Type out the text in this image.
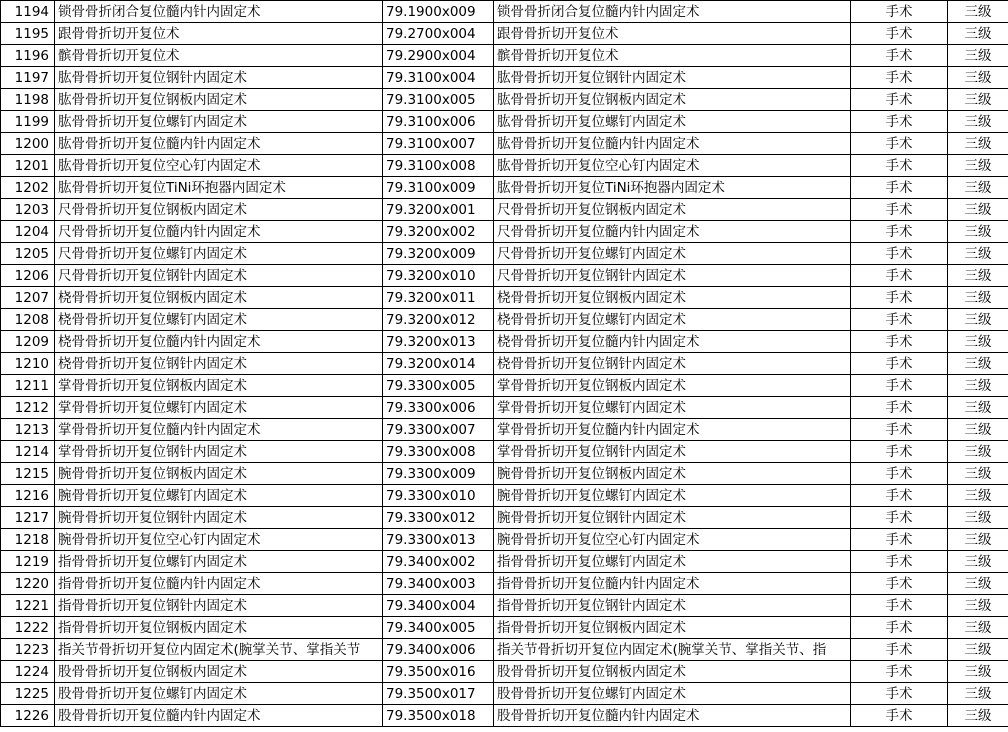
1194	锁骨骨折闭合复位髓内针内固定术	79.1900x009	锁骨骨折闭合复位髓内针内固定术	手术	三级
1195	跟骨骨折切开复位术	79.2700x004	跟骨骨折切开复位术	手术	三级
1196	髌骨骨折切开复位术	79.2900x004	髌骨骨折切开复位术	手术	三级
1197	肱骨骨折切开复位钢针内固定术	79.3100x004	肱骨骨折切开复位钢针内固定术	手术	三级
1198	肱骨骨折切开复位钢板内固定术	79.3100x005	肱骨骨折切开复位钢板内固定术	手术	三级
1199	肱骨骨折切开复位螺钉内固定术	79.3100x006	肱骨骨折切开复位螺钉内固定术	手术	三级
1200	肱骨骨折切开复位髓内针内固定术	79.3100x007	肱骨骨折切开复位髓内针内固定术	手术	三级
1201	肱骨骨折切开复位空心钉内固定术	79.3100x008	肱骨骨折切开复位空心钉内固定术	手术	三级
1202	肱骨骨折切开复位TiNi环抱器内固定术	79.3100x009	肱骨骨折切开复位TiNi环抱器内固定术	手术	三级
1203	尺骨骨折切开复位钢板内固定术	79.3200x001	尺骨骨折切开复位钢板内固定术	手术	三级
1204	尺骨骨折切开复位髓内针内固定术	79.3200x002	尺骨骨折切开复位髓内针内固定术	手术	三级
1205	尺骨骨折切开复位螺钉内固定术	79.3200x009	尺骨骨折切开复位螺钉内固定术	手术	三级
1206	尺骨骨折切开复位钢针内固定术	79.3200x010	尺骨骨折切开复位钢针内固定术	手术	三级
1207	桡骨骨折切开复位钢板内固定术	79.3200x011	桡骨骨折切开复位钢板内固定术	手术	三级
1208	桡骨骨折切开复位螺钉内固定术	79.3200x012	桡骨骨折切开复位螺钉内固定术	手术	三级
1209	桡骨骨折切开复位髓内针内固定术	79.3200x013	桡骨骨折切开复位髓内针内固定术	手术	三级
1210	桡骨骨折切开复位钢针内固定术	79.3200x014	桡骨骨折切开复位钢针内固定术	手术	三级
1211	掌骨骨折切开复位钢板内固定术	79.3300x005	掌骨骨折切开复位钢板内固定术	手术	三级
1212	掌骨骨折切开复位螺钉内固定术	79.3300x006	掌骨骨折切开复位螺钉内固定术	手术	三级
1213	掌骨骨折切开复位髓内针内固定术	79.3300x007	掌骨骨折切开复位髓内针内固定术	手术	三级
1214	掌骨骨折切开复位钢针内固定术	79.3300x008	掌骨骨折切开复位钢针内固定术	手术	三级
1215	腕骨骨折切开复位钢板内固定术	79.3300x009	腕骨骨折切开复位钢板内固定术	手术	三级
1216	腕骨骨折切开复位螺钉内固定术	79.3300x010	腕骨骨折切开复位螺钉内固定术	手术	三级
1217	腕骨骨折切开复位钢针内固定术	79.3300x012	腕骨骨折切开复位钢针内固定术	手术	三级
1218	腕骨骨折切开复位空心钉内固定术	79.3300x013	腕骨骨折切开复位空心钉内固定术	手术	三级
1219	指骨骨折切开复位螺钉内固定术	79.3400x002	指骨骨折切开复位螺钉内固定术	手术	三级
1220	指骨骨折切开复位髓内针内固定术	79.3400x003	指骨骨折切开复位髓内针内固定术	手术	三级
1221	指骨骨折切开复位钢针内固定术	79.3400x004	指骨骨折切开复位钢针内固定术	手术	三级
1222	指骨骨折切开复位钢板内固定术	79.3400x005	指骨骨折切开复位钢板内固定术	手术	三级
1223	指关节骨折切开复位内固定术(腕掌关节、掌指关节	79.3400x006	指关节骨折切开复位内固定术(腕掌关节、掌指关节、指	手术	三级
1224	股骨骨折切开复位钢板内固定术	79.3500x016	股骨骨折切开复位钢板内固定术	手术	三级
1225	股骨骨折切开复位螺钉内固定术	79.3500x017	股骨骨折切开复位螺钉内固定术	手术	三级
1226	股骨骨折切开复位髓内针内固定术	79.3500x018	股骨骨折切开复位髓内针内固定术	手术	三级
